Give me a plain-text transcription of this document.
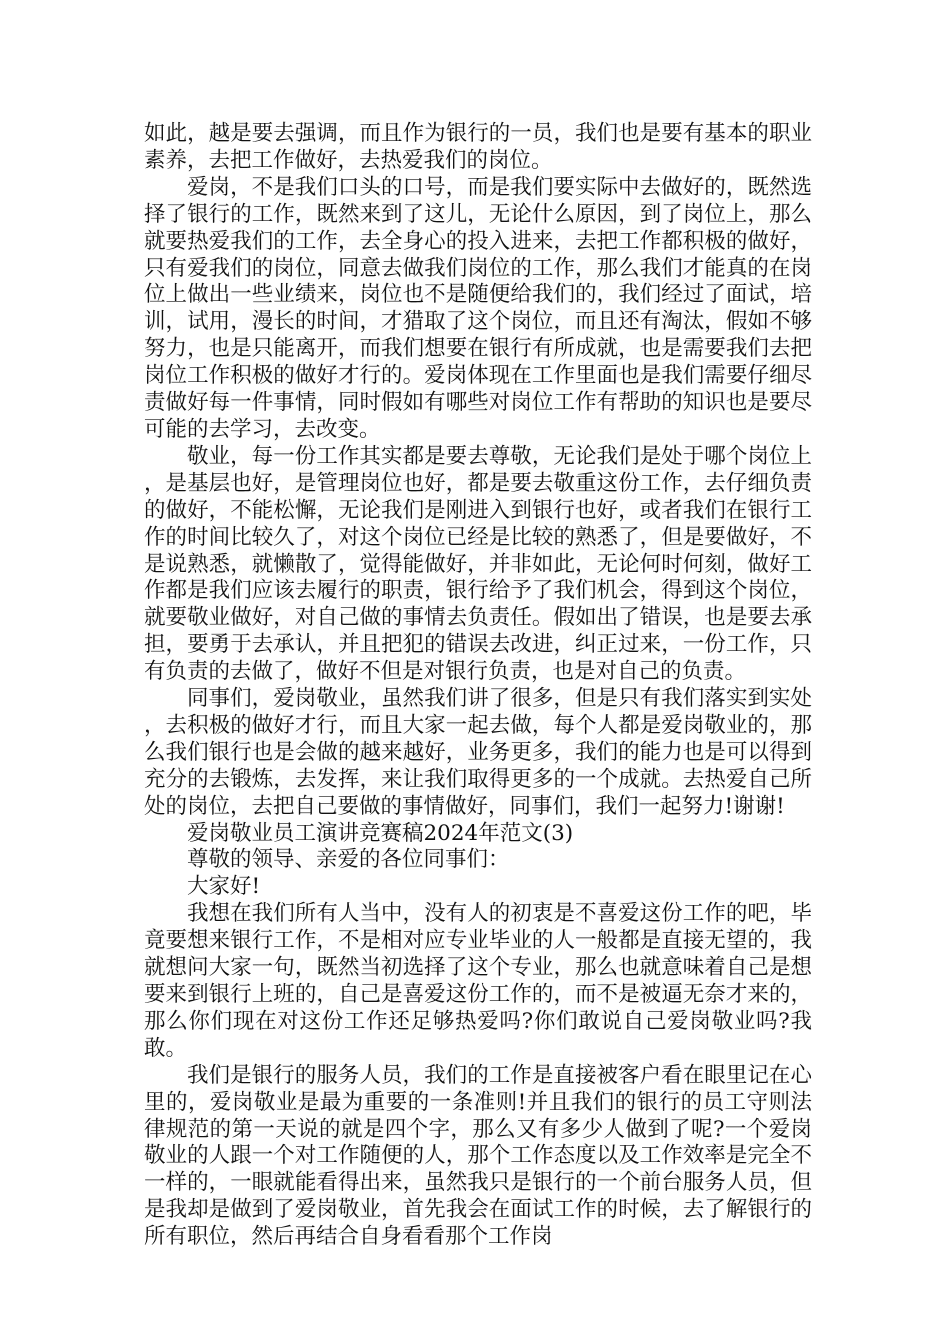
如此，越是要去强调，而且作为银行的一员，我们也是要有基本的职业素养，去把工作做好，去热爱我们的岗位。

爱岗，不是我们口头的口号，而是我们要实际中去做好的，既然选择了银行的工作，既然来到了这儿，无论什么原因，到了岗位上，那么就要热爱我们的工作，去全身心的投入进来，去把工作都积极的做好，只有爱我们的岗位，同意去做我们岗位的工作，那么我们才能真的在岗位上做出一些业绩来，岗位也不是随便给我们的，我们经过了面试，培训，试用，漫长的时间，才猎取了这个岗位，而且还有淘汰，假如不够努力，也是只能离开，而我们想要在银行有所成就，也是需要我们去把岗位工作积极的做好才行的。爱岗体现在工作里面也是我们需要仔细尽责做好每一件事情，同时假如有哪些对岗位工作有帮助的知识也是要尽可能的去学习，去改变。

敬业，每一份工作其实都是要去尊敬，无论我们是处于哪个岗位上，是基层也好，是管理岗位也好，都是要去敬重这份工作，去仔细负责的做好，不能松懈，无论我们是刚进入到银行也好，或者我们在银行工作的时间比较久了，对这个岗位已经是比较的熟悉了，但是要做好，不是说熟悉，就懒散了，觉得能做好，并非如此，无论何时何刻，做好工作都是我们应该去履行的职责，银行给予了我们机会，得到这个岗位，就要敬业做好，对自己做的事情去负责任。假如出了错误，也是要去承担，要勇于去承认，并且把犯的错误去改进，纠正过来，一份工作，只有负责的去做了，做好不但是对银行负责，也是对自己的负责。

同事们，爱岗敬业，虽然我们讲了很多，但是只有我们落实到实处，去积极的做好才行，而且大家一起去做，每个人都是爱岗敬业的，那么我们银行也是会做的越来越好，业务更多，我们的能力也是可以得到充分的去锻炼，去发挥，来让我们取得更多的一个成就。去热爱自己所处的岗位，去把自己要做的事情做好，同事们，我们一起努力!谢谢!

爱岗敬业员工演讲竞赛稿2024年范文(3)

尊敬的领导、亲爱的各位同事们：

大家好!

我想在我们所有人当中，没有人的初衷是不喜爱这份工作的吧，毕竟要想来银行工作，不是相对应专业毕业的人一般都是直接无望的，我就想问大家一句，既然当初选择了这个专业，那么也就意味着自己是想要来到银行上班的，自己是喜爱这份工作的，而不是被逼无奈才来的，那么你们现在对这份工作还足够热爱吗?你们敢说自己爱岗敬业吗?我敢。

我们是银行的服务人员，我们的工作是直接被客户看在眼里记在心里的，爱岗敬业是最为重要的一条准则!并且我们的银行的员工守则法律规范的第一天说的就是四个字，那么又有多少人做到了呢?一个爱岗敬业的人跟一个对工作随便的人，那个工作态度以及工作效率是完全不一样的，一眼就能看得出来，虽然我只是银行的一个前台服务人员，但是我却是做到了爱岗敬业，首先我会在面试工作的时候，去了解银行的所有职位，然后再结合自身看看那个工作岗
